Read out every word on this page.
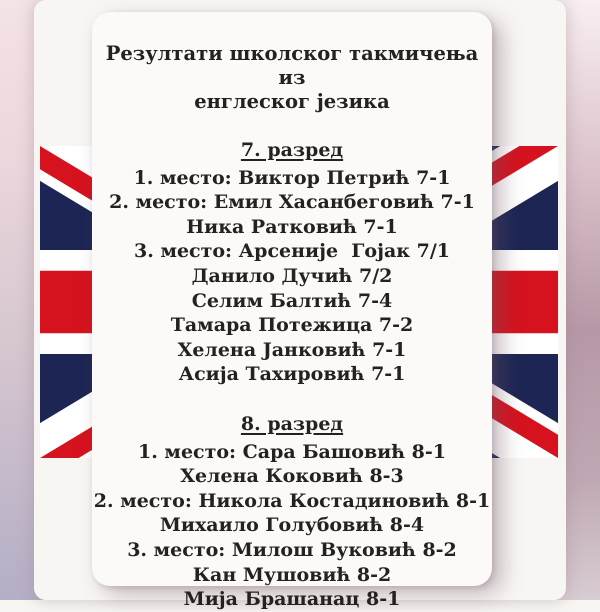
Резултати школског такмичења из
енглеског језика
7. разред
1. место: Виктор Петрић 7-1
2. место: Емил Хасанбеговић 7-1
Ника Ратковић 7-1
3. место: Арсеније  Гојак 7/1
Данило Дучић 7/2
Селим Балтић 7-4
Тамара Потежица 7-2
Хелена Јанковић 7-1
Асија Тахировић 7-1
8. разред
1. место: Сара Башовић 8-1
Хелена Коковић 8-3
2. место: Никола Костадиновић 8-1
Михаило Голубовић 8-4
3. место: Милош Вуковић 8-2
Кан Мушовић 8-2
Мија Брашанац 8-1
